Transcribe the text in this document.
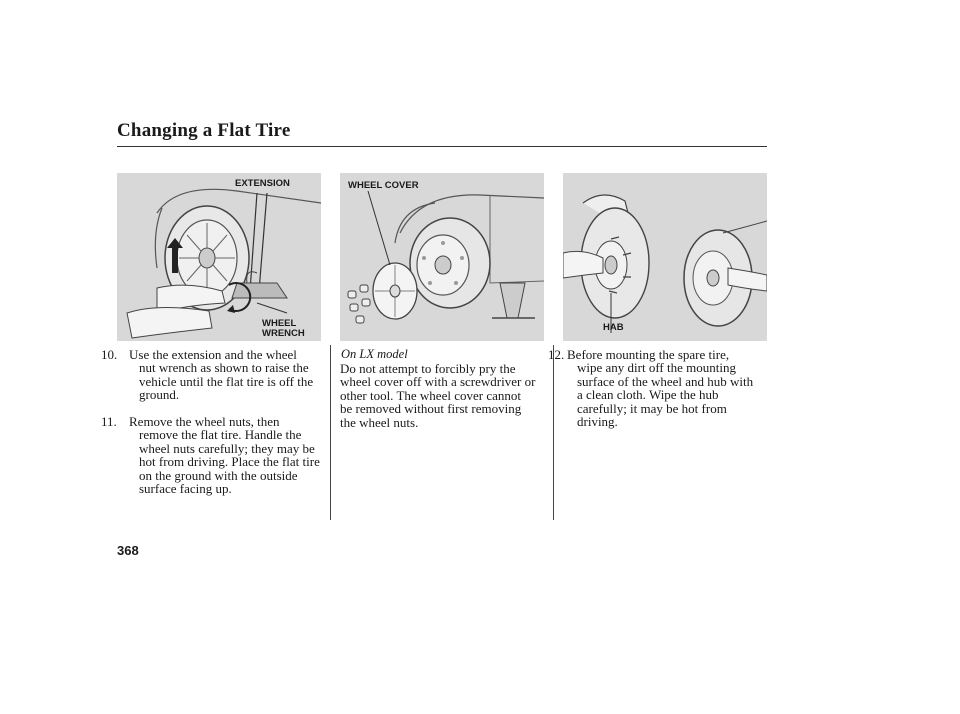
Changing a Flat Tire
EXTENSION
WHEEL
WRENCH
WHEEL COVER
HAB
10. Use the extension and the wheel
nut wrench as shown to raise the
vehicle until the flat tire is off the
ground.
11. Remove the wheel nuts, then
remove the flat tire. Handle the
wheel nuts carefully; they may be
hot from driving. Place the flat tire
on the ground with the outside
surface facing up.
On LX model
Do not attempt to forcibly pry the
wheel cover off with a screwdriver or
other tool. The wheel cover cannot
be removed without first removing
the wheel nuts.
12. Before mounting the spare tire,
wipe any dirt off the mounting
surface of the wheel and hub with
a clean cloth. Wipe the hub
carefully; it may be hot from
driving.
368
